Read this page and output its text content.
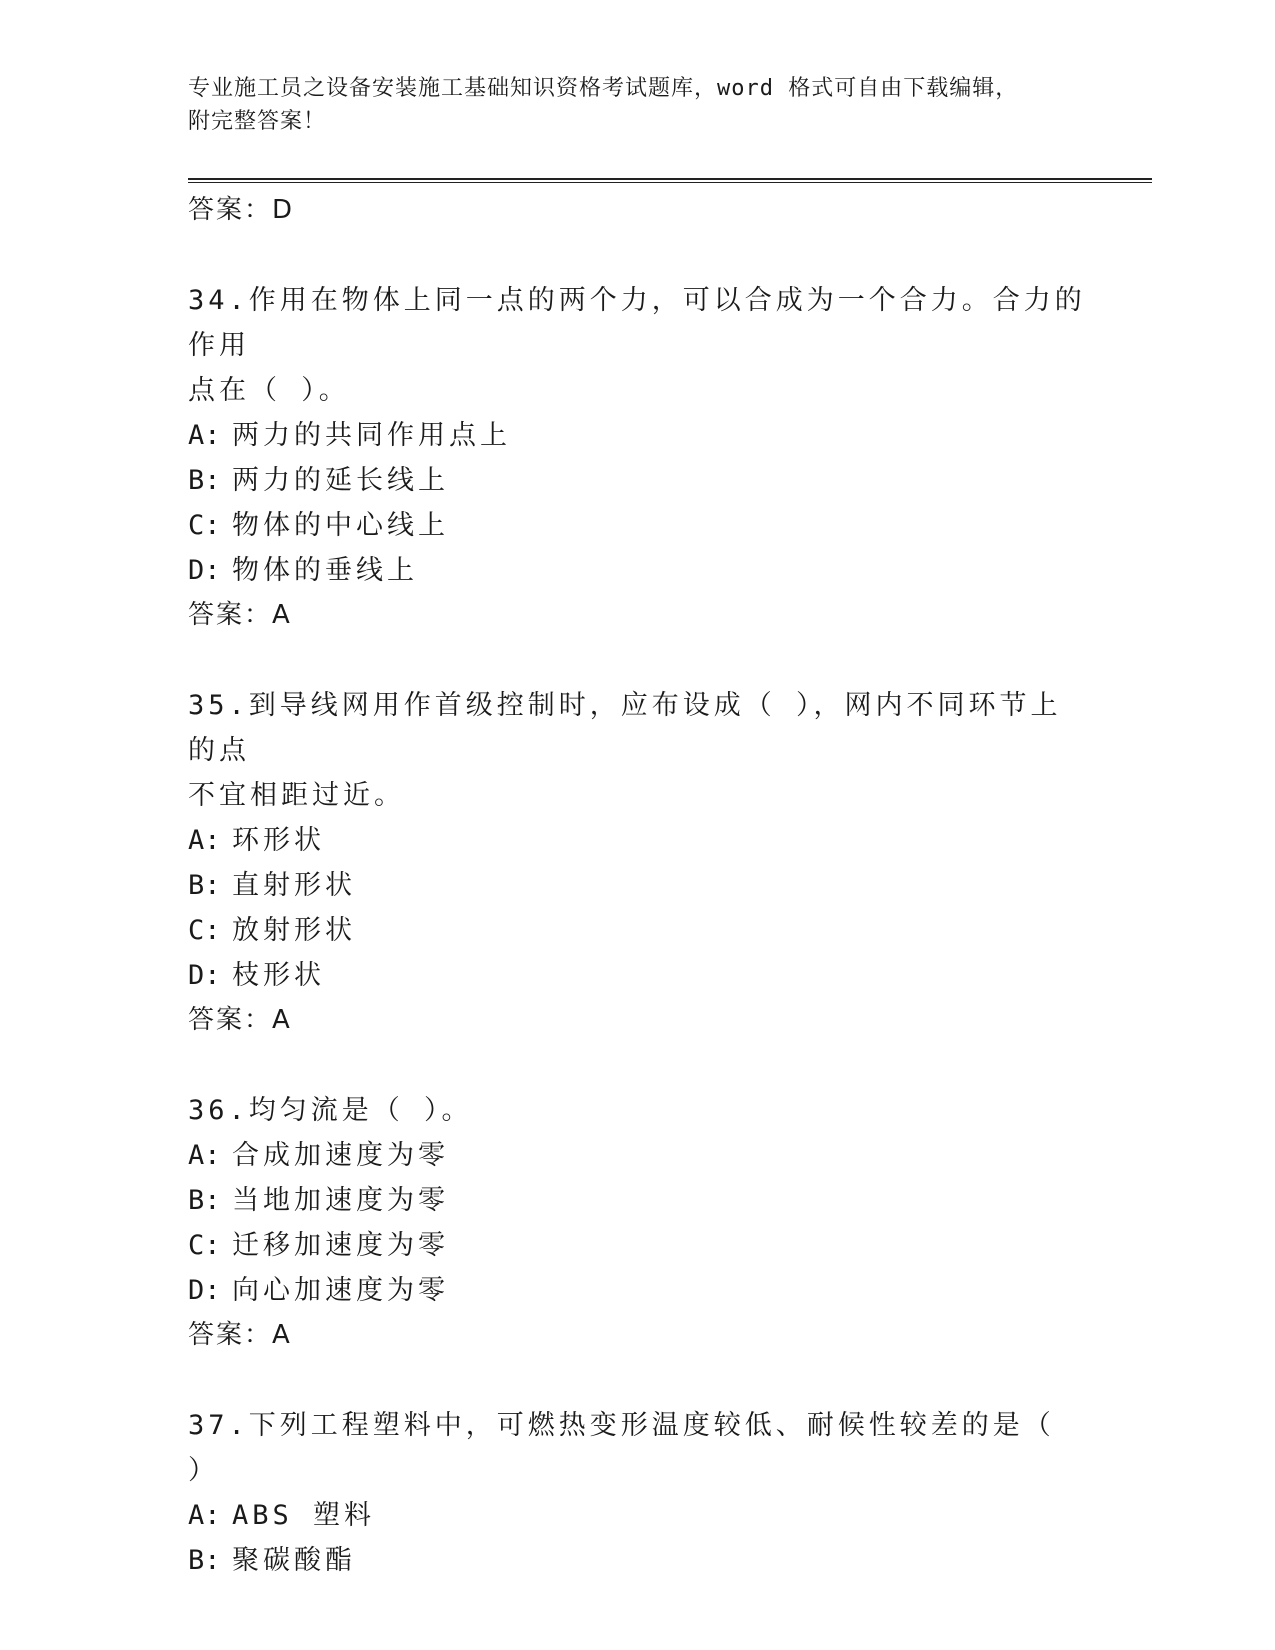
专业施工员之设备安装施工基础知识资格考试题库，word 格式可自由下载编辑，
附完整答案！

答案：D

34.作用在物体上同一点的两个力，可以合成为一个合力。合力的作用

点在（ ）。

A: 两力的共同作用点上

B: 两力的延长线上

C: 物体的中心线上

D: 物体的垂线上

答案：A

35.到导线网用作首级控制时，应布设成（ ），网内不同环节上的点

不宜相距过近。

A: 环形状

B: 直射形状

C: 放射形状

D: 枝形状

答案：A

36.均匀流是（ ）。

A: 合成加速度为零

B: 当地加速度为零

C: 迁移加速度为零

D: 向心加速度为零

答案：A

37.下列工程塑料中，可燃热变形温度较低、耐候性较差的是（ ）

A: ABS 塑料

B: 聚碳酸酯
